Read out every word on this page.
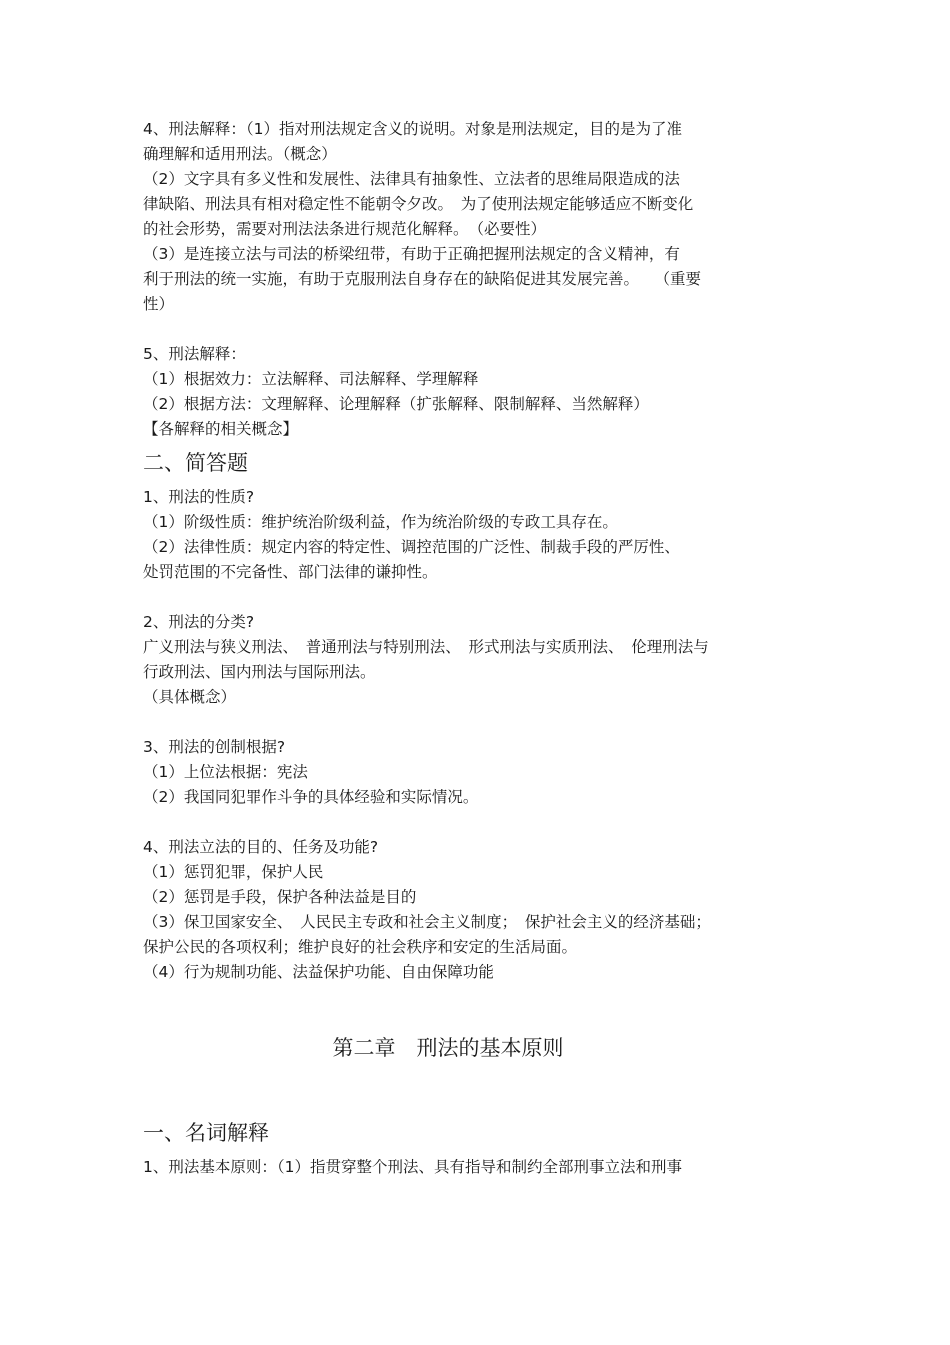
4、刑法解释：（1）指对刑法规定含义的说明。对象是刑法规定，目的是为了准
确理解和适用刑法。（概念）
（2）文字具有多义性和发展性、法律具有抽象性、立法者的思维局限造成的法
律缺陷、刑法具有相对稳定性不能朝令夕改。　为了使刑法规定能够适应不断变化
的社会形势，需要对刑法法条进行规范化解释。　（必要性）
（3）是连接立法与司法的桥梁纽带，有助于正确把握刑法规定的含义精神，有
利于刑法的统一实施，有助于克服刑法自身存在的缺陷促进其发展完善。　　（重要
性）
5、刑法解释：
（1）根据效力：立法解释、司法解释、学理解释
（2）根据方法：文理解释、论理解释（扩张解释、限制解释、当然解释）
【各解释的相关概念】
二、简答题
1、刑法的性质?
（1）阶级性质：维护统治阶级利益，作为统治阶级的专政工具存在。
（2）法律性质：规定内容的特定性、调控范围的广泛性、制裁手段的严厉性、
处罚范围的不完备性、部门法律的谦抑性。
2、刑法的分类?
广义刑法与狭义刑法、　普通刑法与特别刑法、　形式刑法与实质刑法、　伦理刑法与
行政刑法、国内刑法与国际刑法。
（具体概念）
3、刑法的创制根据?
（1）上位法根据：宪法
（2）我国同犯罪作斗争的具体经验和实际情况。
4、刑法立法的目的、任务及功能?
（1）惩罚犯罪，保护人民
（2）惩罚是手段，保护各种法益是目的
（3）保卫国家安全、　人民民主专政和社会主义制度；　保护社会主义的经济基础；
保护公民的各项权利；维护良好的社会秩序和安定的生活局面。
（4）行为规制功能、法益保护功能、自由保障功能
第二章　刑法的基本原则
一、名词解释
1、刑法基本原则：（1）指贯穿整个刑法、具有指导和制约全部刑事立法和刑事
